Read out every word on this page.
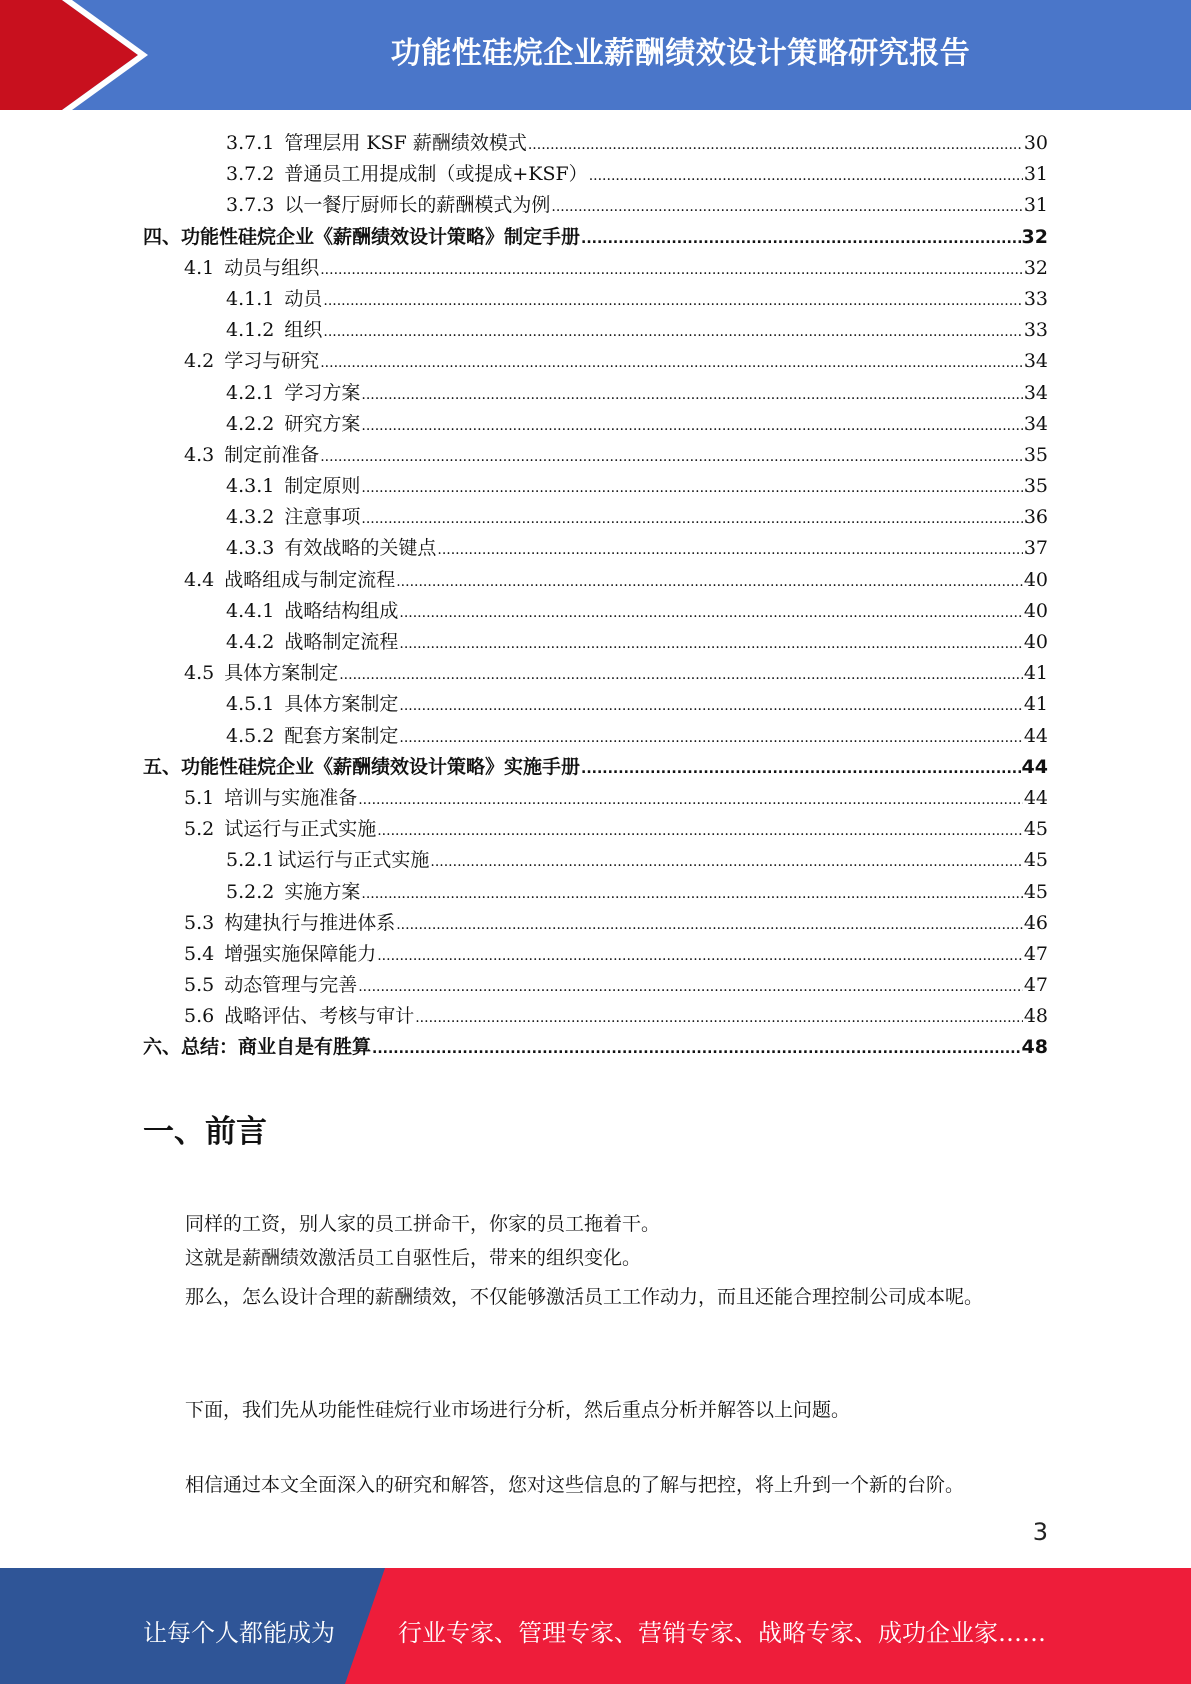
功能性硅烷企业薪酬绩效设计策略研究报告
3.7.1 管理层用 KSF 薪酬绩效模式 .....	30
3.7.2 普通员工用提成制（或提成+KSF） .....	31
3.7.3 以一餐厅厨师长的薪酬模式为例 .....	31
四、功能性硅烷企业《薪酬绩效设计策略》制定手册 .....	32
4.1 动员与组织 .....	32
4.1.1 动员 .....	33
4.1.2 组织 .....	33
4.2 学习与研究 .....	34
4.2.1 学习方案 .....	34
4.2.2 研究方案 .....	34
4.3 制定前准备 .....	35
4.3.1 制定原则 .....	35
4.3.2 注意事项 .....	36
4.3.3 有效战略的关键点 .....	37
4.4 战略组成与制定流程 .....	40
4.4.1 战略结构组成 .....	40
4.4.2 战略制定流程 .....	40
4.5 具体方案制定 .....	41
4.5.1 具体方案制定 .....	41
4.5.2 配套方案制定 .....	44
五、功能性硅烷企业《薪酬绩效设计策略》实施手册 .....	44
5.1 培训与实施准备 .....	44
5.2 试运行与正式实施 .....	45
5.2.1 试运行与正式实施 .....	45
5.2.2 实施方案 .....	45
5.3 构建执行与推进体系 .....	46
5.4 增强实施保障能力 .....	47
5.5 动态管理与完善 .....	47
5.6 战略评估、考核与审计 .....	48
六、总结：商业自是有胜算 .....	48
一、前言
同样的工资，别人家的员工拼命干，你家的员工拖着干。
这就是薪酬绩效激活员工自驱性后，带来的组织变化。
那么，怎么设计合理的薪酬绩效，不仅能够激活员工工作动力，而且还能合理控制公司成本呢。
下面，我们先从功能性硅烷行业市场进行分析，然后重点分析并解答以上问题。
相信通过本文全面深入的研究和解答，您对这些信息的了解与把控，将上升到一个新的台阶。
3
让每个人都能成为	行业专家、管理专家、营销专家、战略专家、成功企业家……
